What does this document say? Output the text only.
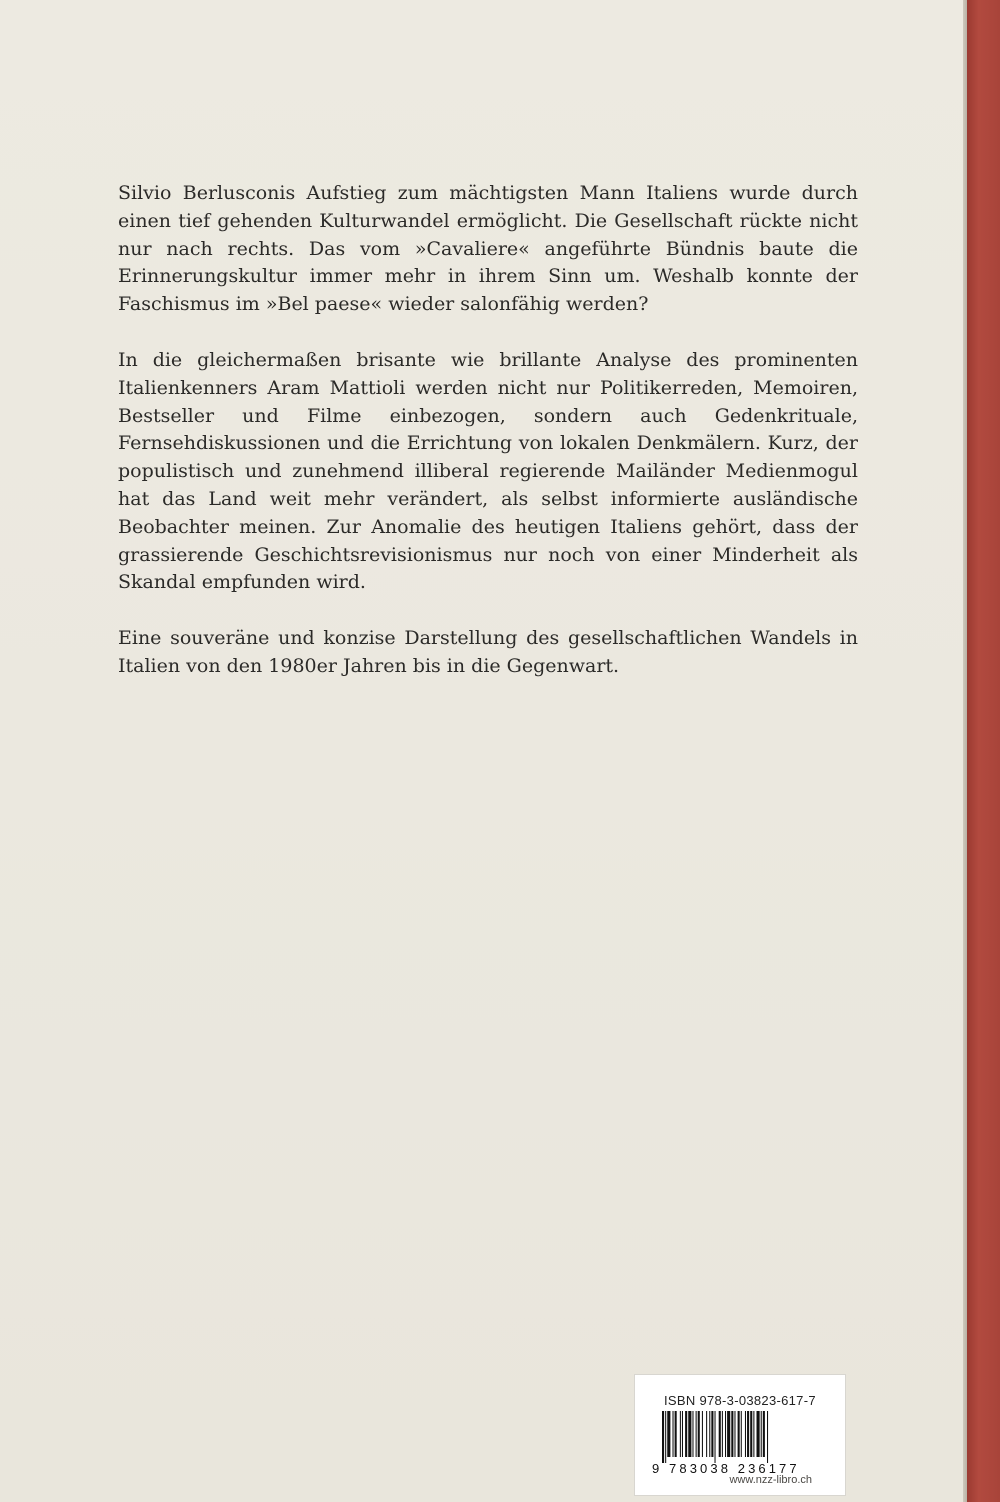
Silvio Berlusconis Aufstieg zum mächtigsten Mann Italiens wurde durch einen tief gehenden Kulturwandel ermöglicht. Die Gesellschaft rückte nicht nur nach rechts. Das vom »Cavaliere« angeführte Bündnis baute die Erinnerungskultur immer mehr in ihrem Sinn um. Weshalb konnte der Faschismus im »Bel paese« wieder salonfähig werden?

In die gleichermaßen brisante wie brillante Analyse des prominenten Italienkenners Aram Mattioli werden nicht nur Politikerreden, Memoiren, Bestseller und Filme einbezogen, sondern auch Gedenkrituale, Fernsehdiskussionen und die Errichtung von lokalen Denkmälern. Kurz, der populistisch und zunehmend illiberal regierende Mailänder Medienmogul hat das Land weit mehr verändert, als selbst informierte ausländische Beobachter meinen. Zur Anomalie des heutigen Italiens gehört, dass der grassierende Geschichtsrevisionismus nur noch von einer Minderheit als Skandal empfunden wird.

Eine souveräne und konzise Darstellung des gesellschaftlichen Wandels in Italien von den 1980er Jahren bis in die Gegenwart.

ISBN 978-3-03823-617-7
9 783038 236177
www.nzz-libro.ch
